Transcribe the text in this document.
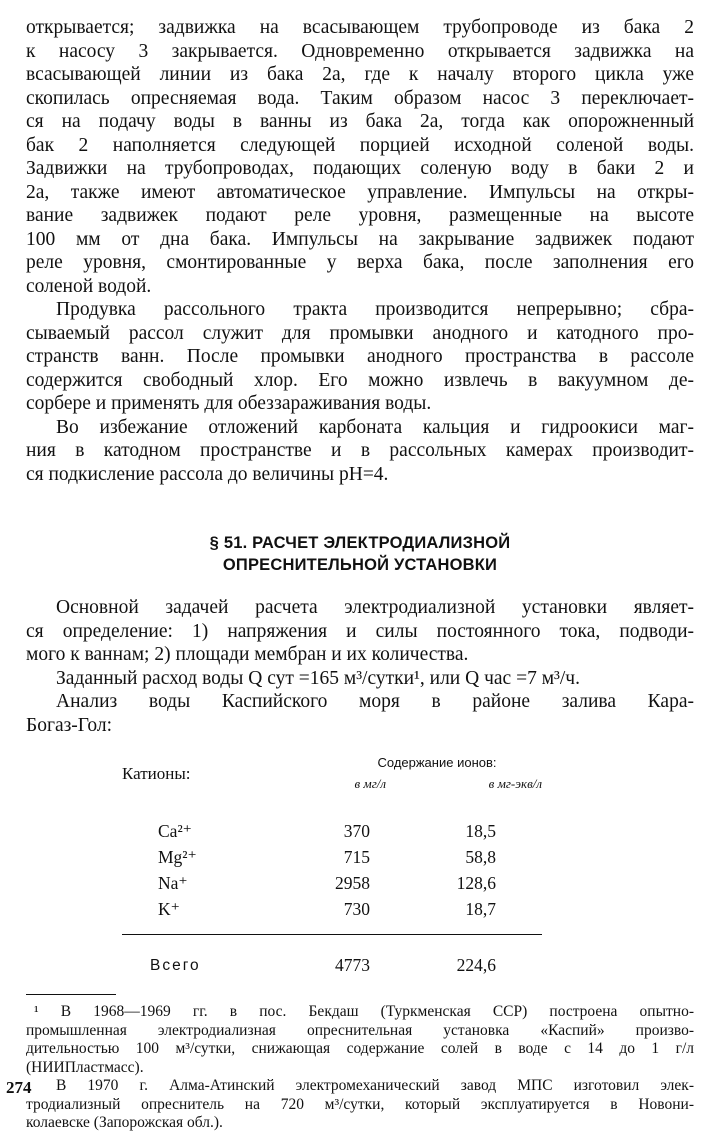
открывается; задвижка на всасывающем трубопроводе из бака 2
к насосу 3 закрывается. Одновременно открывается задвижка на
всасывающей линии из бака 2а, где к началу второго цикла уже
скопилась опресняемая вода. Таким образом насос 3 переключает-
ся на подачу воды в ванны из бака 2а, тогда как опорожненный
бак 2 наполняется следующей порцией исходной соленой воды.
Задвижки на трубопроводах, подающих соленую воду в баки 2 и
2а, также имеют автоматическое управление. Импульсы на откры-
вание задвижек подают реле уровня, размещенные на высоте
100 мм от дна бака. Импульсы на закрывание задвижек подают
реле уровня, смонтированные у верха бака, после заполнения его
соленой водой.

Продувка рассольного тракта производится непрерывно; сбра-
сываемый рассол служит для промывки анодного и катодного про-
странств ванн. После промывки анодного пространства в рассоле
содержится свободный хлор. Его можно извлечь в вакуумном де-
сорбере и применять для обеззараживания воды.

Во избежание отложений карбоната кальция и гидроокиси маг-
ния в катодном пространстве и в рассольных камерах производит-
ся подкисление рассола до величины pH=4.

§ 51. РАСЧЕТ ЭЛЕКТРОДИАЛИЗНОЙ
ОПРЕСНИТЕЛЬНОЙ УСТАНОВКИ

Основной задачей расчета электродиализной установки являет-
ся определение: 1) напряжения и силы постоянного тока, подводи-
мого к ваннам; 2) площади мембран и их количества.

Заданный расход воды Q сут =165 м³/сутки¹, или Q час =7 м³/ч.

Анализ воды Каспийского моря в районе залива Кара-
Богаз-Гол:

Катионы:	Содержание ионов:	
	в мг/л	в мг-экв/л

Ca²⁺	370	18,5
Mg²⁺	715	58,8
Na⁺	2958	128,6
K⁺	730	18,7

Всего	4773	224,6

¹ В 1968—1969 гг. в пос. Бекдаш (Туркменская ССР) построена опытно-
промышленная электродиализная опреснительная установка «Каспий» произво-
дительностью 100 м³/сутки, снижающая содержание солей в воде с 14 до 1 г/л
(НИИПластмасс).

В 1970 г. Алма-Атинский электромеханический завод МПС изготовил элек-
тродиализный опреснитель на 720 м³/сутки, который эксплуатируется в Новони-
колаевске (Запорожская обл.).

274
